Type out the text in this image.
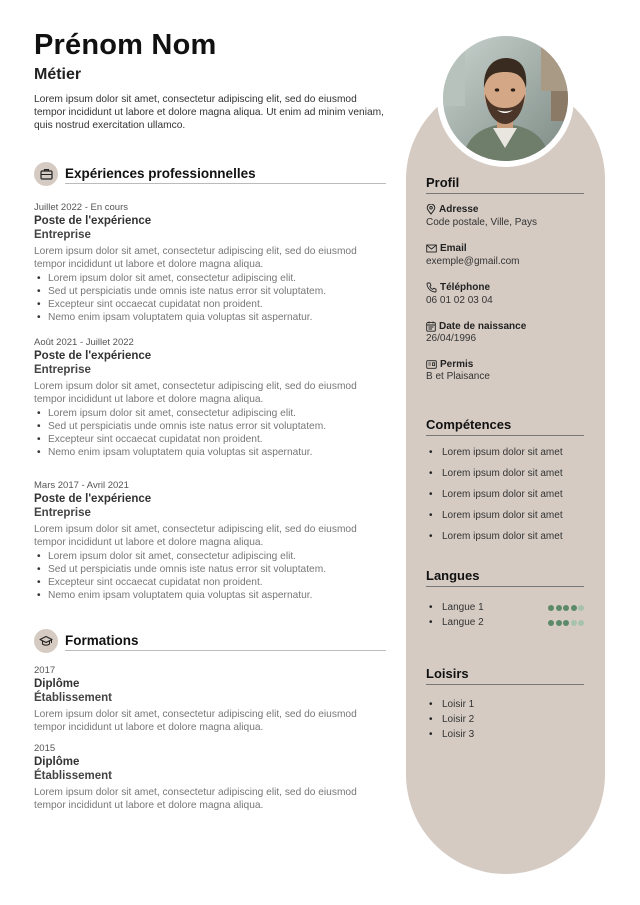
Prénom Nom
Métier
Lorem ipsum dolor sit amet, consectetur adipiscing elit, sed do eiusmod tempor incididunt ut labore et dolore magna aliqua. Ut enim ad minim veniam, quis nostrud exercitation ullamco.
Expériences professionnelles
Juillet 2022 - En cours
Poste de l'expérience
Entreprise
Lorem ipsum dolor sit amet, consectetur adipiscing elit, sed do eiusmod tempor incididunt ut labore et dolore magna aliqua.
• Lorem ipsum dolor sit amet, consectetur adipiscing elit.
• Sed ut perspiciatis unde omnis iste natus error sit voluptatem.
• Excepteur sint occaecat cupidatat non proident.
• Nemo enim ipsam voluptatem quia voluptas sit aspernatur.
Août 2021 - Juillet 2022
Poste de l'expérience
Entreprise
Lorem ipsum dolor sit amet, consectetur adipiscing elit, sed do eiusmod tempor incididunt ut labore et dolore magna aliqua.
• Lorem ipsum dolor sit amet, consectetur adipiscing elit.
• Sed ut perspiciatis unde omnis iste natus error sit voluptatem.
• Excepteur sint occaecat cupidatat non proident.
• Nemo enim ipsam voluptatem quia voluptas sit aspernatur.
Mars 2017 - Avril 2021
Poste de l'expérience
Entreprise
Lorem ipsum dolor sit amet, consectetur adipiscing elit, sed do eiusmod tempor incididunt ut labore et dolore magna aliqua.
• Lorem ipsum dolor sit amet, consectetur adipiscing elit.
• Sed ut perspiciatis unde omnis iste natus error sit voluptatem.
• Excepteur sint occaecat cupidatat non proident.
• Nemo enim ipsam voluptatem quia voluptas sit aspernatur.
Formations
2017
Diplôme
Établissement
Lorem ipsum dolor sit amet, consectetur adipiscing elit, sed do eiusmod tempor incididunt ut labore et dolore magna aliqua.
2015
Diplôme
Établissement
Lorem ipsum dolor sit amet, consectetur adipiscing elit, sed do eiusmod tempor incididunt ut labore et dolore magna aliqua.
Profil
Adresse
Code postale, Ville, Pays
Email
exemple@gmail.com
Téléphone
06 01 02 03 04
Date de naissance
26/04/1996
Permis
B et Plaisance
Compétences
• Lorem ipsum dolor sit amet
• Lorem ipsum dolor sit amet
• Lorem ipsum dolor sit amet
• Lorem ipsum dolor sit amet
• Lorem ipsum dolor sit amet
Langues
• Langue 1
• Langue 2
Loisirs
• Loisir 1
• Loisir 2
• Loisir 3
